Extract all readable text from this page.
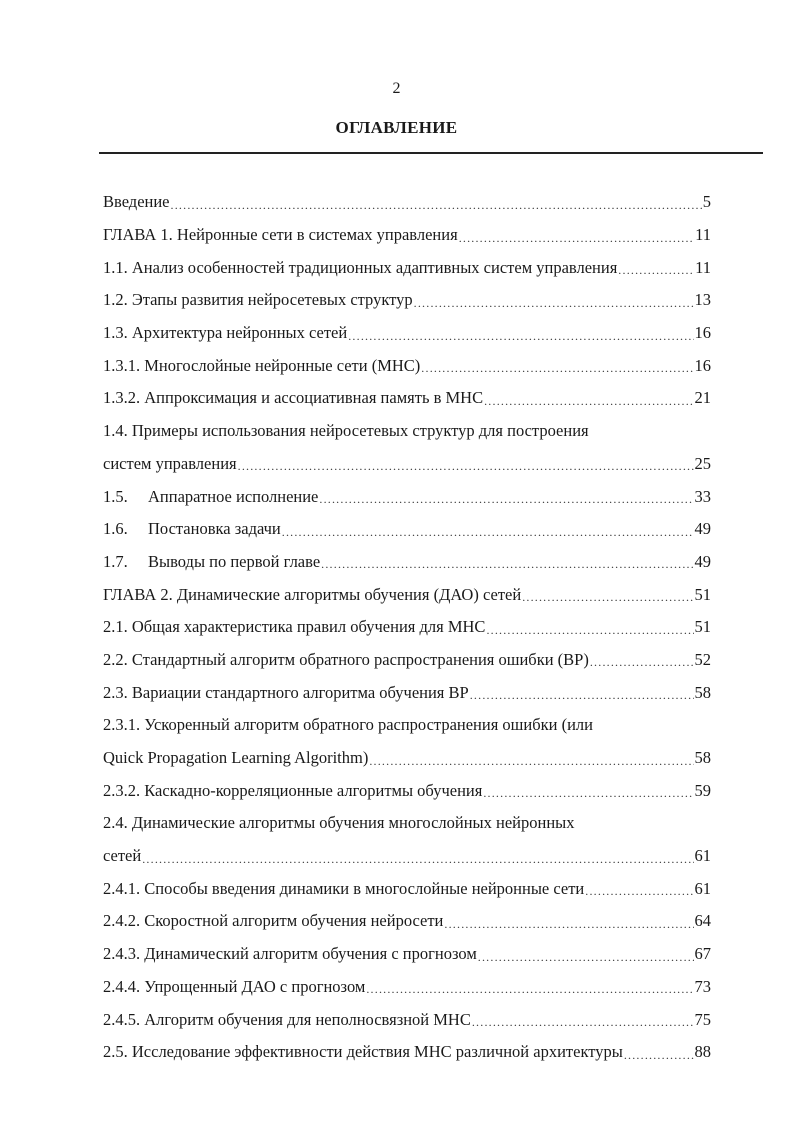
2
ОГЛАВЛЕНИЕ
Введение .....	5
ГЛАВА 1. Нейронные сети в системах управления .....	11
1.1. Анализ особенностей традиционных адаптивных систем управления .....	11
1.2. Этапы развития нейросетевых структур .....	13
1.3. Архитектура нейронных сетей .....	16
1.3.1. Многослойные нейронные сети (МНС) .....	16
1.3.2. Аппроксимация и ассоциативная память в МНС .....	21
1.4. Примеры использования нейросетевых структур для построения
систем управления .....	25
1.5. Аппаратное исполнение .....	33
1.6. Постановка задачи .....	49
1.7. Выводы по первой главе .....	49
ГЛАВА 2. Динамические алгоритмы обучения (ДАО) сетей .....	51
2.1. Общая характеристика правил обучения для МНС .....	51
2.2. Стандартный алгоритм обратного распространения ошибки (BP) .....	52
2.3. Вариации стандартного алгоритма обучения BP .....	58
2.3.1. Ускоренный алгоритм обратного распространения ошибки (или
Quick Propagation Learning Algorithm) .....	58
2.3.2. Каскадно-корреляционные алгоритмы обучения .....	59
2.4. Динамические алгоритмы обучения многослойных нейронных
сетей .....	61
2.4.1. Способы введения динамики в многослойные нейронные сети .....	61
2.4.2. Скоростной алгоритм обучения нейросети .....	64
2.4.3. Динамический алгоритм обучения с прогнозом .....	67
2.4.4. Упрощенный ДАО с прогнозом .....	73
2.4.5. Алгоритм обучения для неполносвязной МНС .....	75
2.5. Исследование эффективности действия МНС различной архитектуры .....	88
